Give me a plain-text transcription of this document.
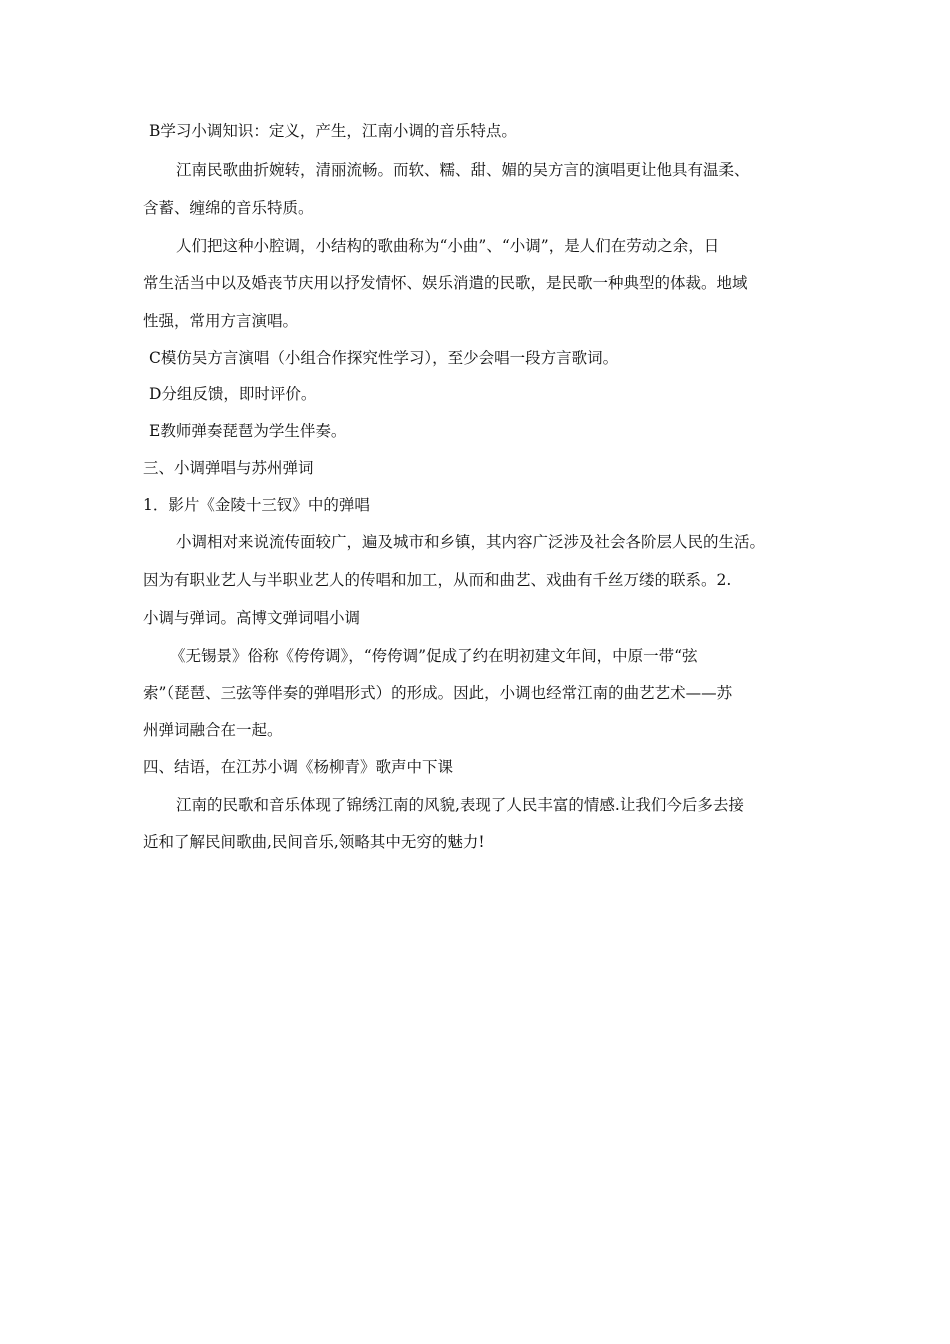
B学习小调知识：定义，产生，江南小调的音乐特点。
江南民歌曲折婉转，清丽流畅。而软、糯、甜、媚的吴方言的演唱更让他具有温柔、
含蓄、缠绵的音乐特质。
人们把这种小腔调，小结构的歌曲称为“小曲”、“小调”，是人们在劳动之余，日
常生活当中以及婚丧节庆用以抒发情怀、娱乐消遣的民歌，是民歌一种典型的体裁。地域
性强，常用方言演唱。
C模仿吴方言演唱（小组合作探究性学习），至少会唱一段方言歌词。
D分组反馈，即时评价。
E教师弹奏琵琶为学生伴奏。
三、小调弹唱与苏州弹词
1．影片《金陵十三钗》中的弹唱
小调相对来说流传面较广，遍及城市和乡镇，其内容广泛涉及社会各阶层人民的生活。
因为有职业艺人与半职业艺人的传唱和加工，从而和曲艺、戏曲有千丝万缕的联系。2.
小调与弹词。高博文弹词唱小调
《无锡景》俗称《侉侉调》，“侉侉调”促成了约在明初建文年间，中原一带“弦
索”（琵琶、三弦等伴奏的弹唱形式）的形成。因此，小调也经常江南的曲艺艺术——苏
州弹词融合在一起。
四、结语，在江苏小调《杨柳青》歌声中下课
江南的民歌和音乐体现了锦绣江南的风貌,表现了人民丰富的情感.让我们今后多去接
近和了解民间歌曲,民间音乐,领略其中无穷的魅力!
